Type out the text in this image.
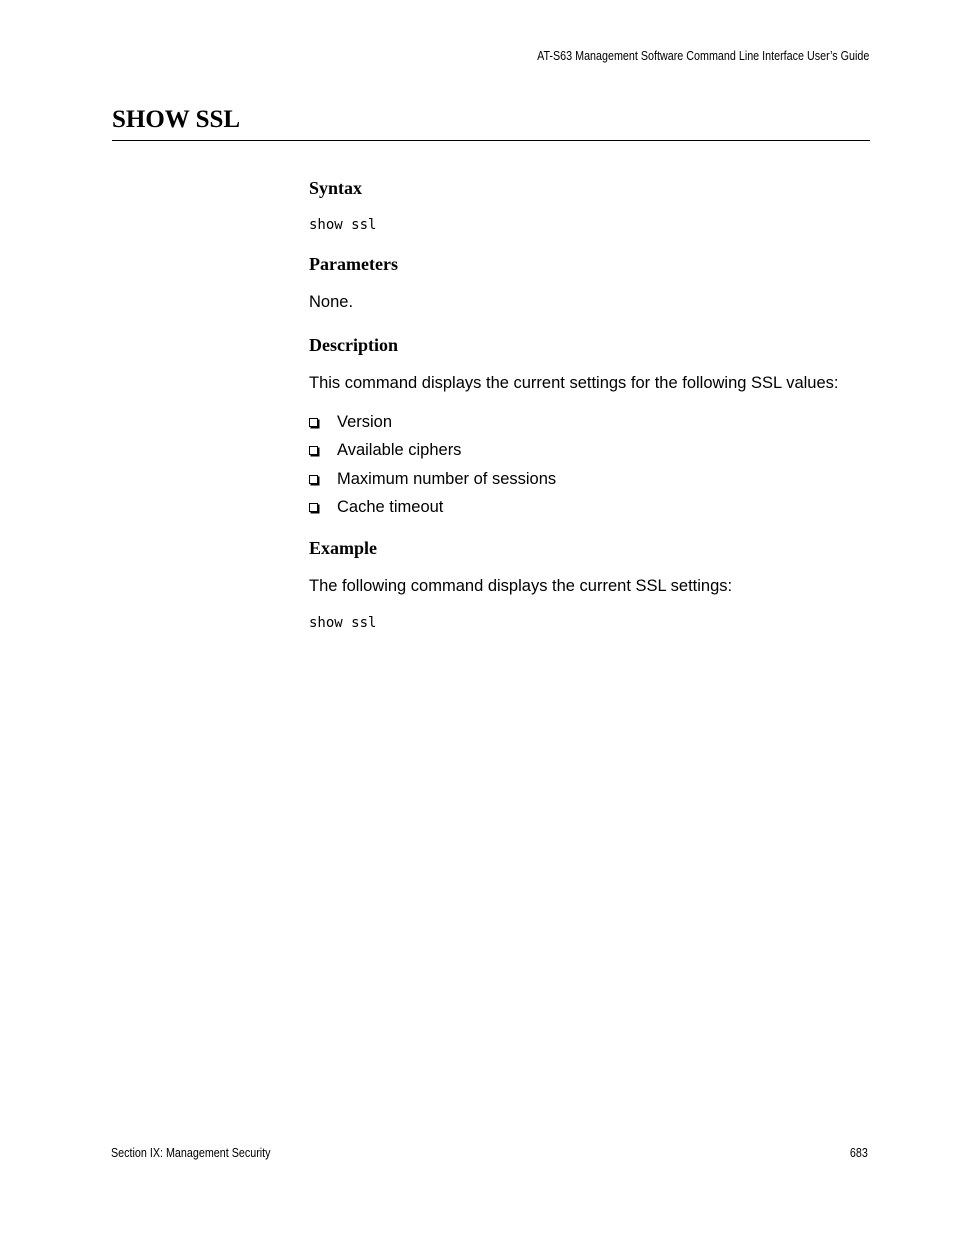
AT-S63 Management Software Command Line Interface User’s Guide
SHOW SSL
Syntax
show ssl
Parameters

None.

Description

This command displays the current settings for the following SSL values:

Version
Available ciphers
Maximum number of sessions
Cache timeout
Example

The following command displays the current SSL settings:

show ssl
Section IX: Management Security	683
